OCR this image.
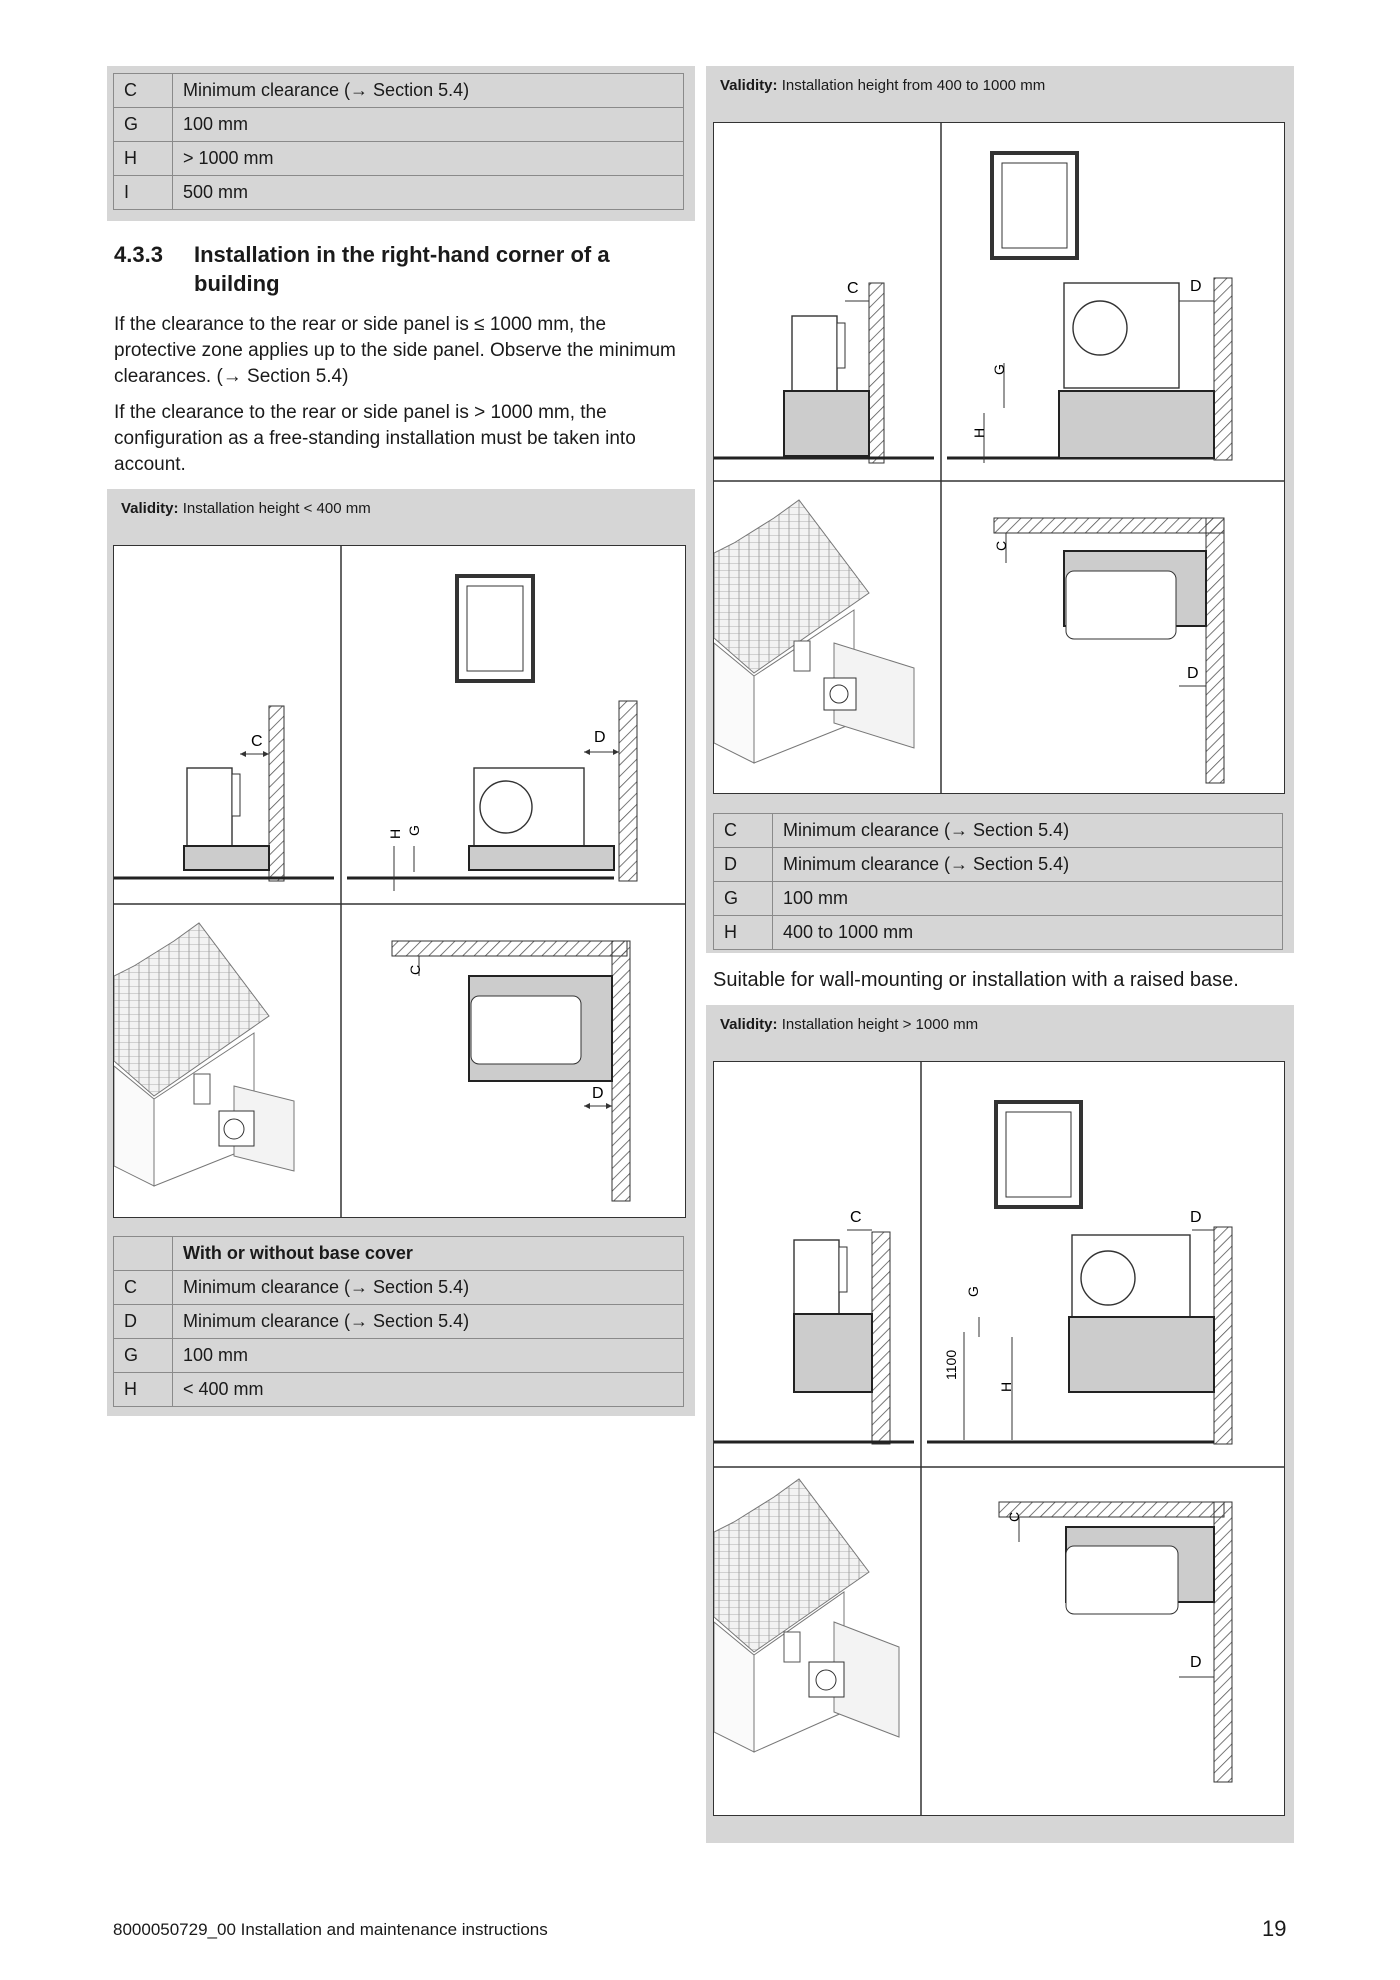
C	Minimum clearance (→ Section 5.4)
G	100 mm
H	> 1000 mm
I	500 mm
4.3.3 Installation in the right-hand corner of a building
If the clearance to the rear or side panel is ≤ 1000 mm, the protective zone applies up to the side panel. Observe the minimum clearances. (→ Section 5.4)
If the clearance to the rear or side panel is > 1000 mm, the configuration as a free-standing installation must be taken into account.
Validity: Installation height < 400 mm
C	D
G
H
C
D
	With or without base cover
C	Minimum clearance (→ Section 5.4)
D	Minimum clearance (→ Section 5.4)
G	100 mm
H	< 400 mm
Validity: Installation height from 400 to 1000 mm
C	D
G
H
C
D
C	Minimum clearance (→ Section 5.4)
D	Minimum clearance (→ Section 5.4)
G	100 mm
H	400 to 1000 mm
Suitable for wall-mounting or installation with a raised base.
Validity: Installation height > 1000 mm
C	D
G
1100
H
C
D
8000050729_00 Installation and maintenance instructions	19
